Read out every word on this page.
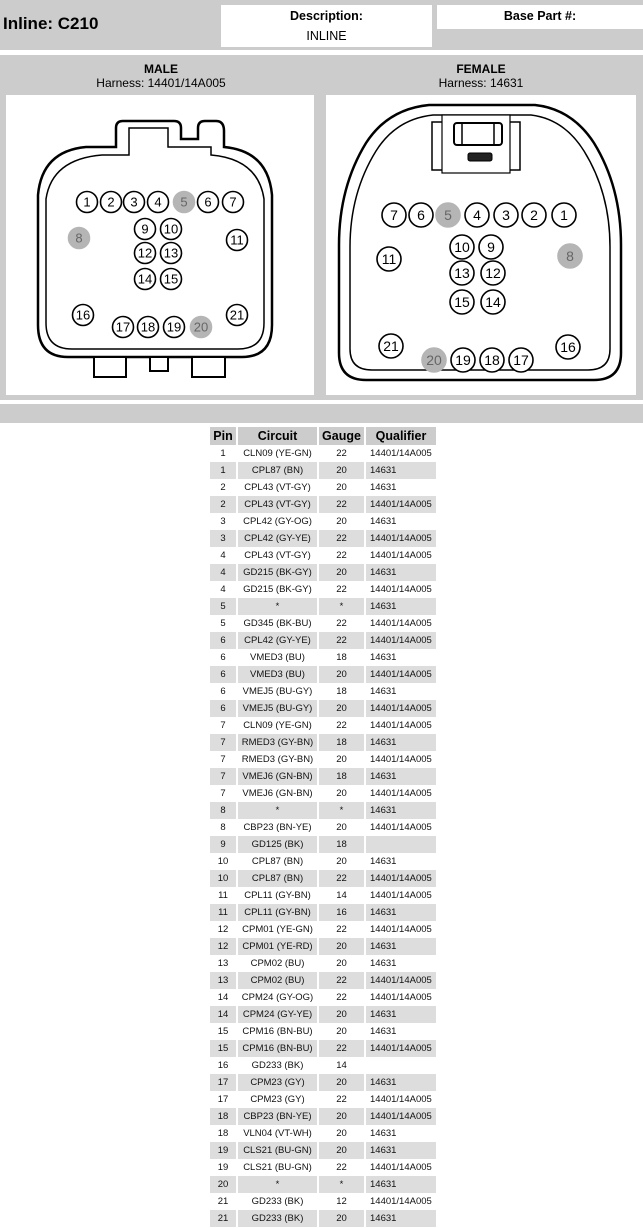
Inline: C210	Description:
INLINE
Base Part #:
MALE
Harness: 14401/14A005
FEMALE
Harness: 14631
1 2 3 4 5 6 7
8
9 10
11
12 13
14 15
16
17 18 19 20
21
1
2
3
4
5
6
7
8
9
10
11
12
13
14
15
16
17
18
19
20
21
Pin	Circuit	Gauge	Qualifier
1	CLN09 (YE-GN)	22	14401/14A005
1	CPL87 (BN)	20	14631
2	CPL43 (VT-GY)	20	14631
2	CPL43 (VT-GY)	22	14401/14A005
3	CPL42 (GY-OG)	20	14631
3	CPL42 (GY-YE)	22	14401/14A005
4	CPL43 (VT-GY)	22	14401/14A005
4	GD215 (BK-GY)	20	14631
4	GD215 (BK-GY)	22	14401/14A005
5	*	*	14631
5	GD345 (BK-BU)	22	14401/14A005
6	CPL42 (GY-YE)	22	14401/14A005
6	VMED3 (BU)	18	14631
6	VMED3 (BU)	20	14401/14A005
6	VMEJ5 (BU-GY)	18	14631
6	VMEJ5 (BU-GY)	20	14401/14A005
7	CLN09 (YE-GN)	22	14401/14A005
7	RMED3 (GY-BN)	18	14631
7	RMED3 (GY-BN)	20	14401/14A005
7	VMEJ6 (GN-BN)	18	14631
7	VMEJ6 (GN-BN)	20	14401/14A005
8	*	*	14631
8	CBP23 (BN-YE)	20	14401/14A005
9	GD125 (BK)	18	
10	CPL87 (BN)	20	14631
10	CPL87 (BN)	22	14401/14A005
11	CPL11 (GY-BN)	14	14401/14A005
11	CPL11 (GY-BN)	16	14631
12	CPM01 (YE-GN)	22	14401/14A005
12	CPM01 (YE-RD)	20	14631
13	CPM02 (BU)	20	14631
13	CPM02 (BU)	22	14401/14A005
14	CPM24 (GY-OG)	22	14401/14A005
14	CPM24 (GY-YE)	20	14631
15	CPM16 (BN-BU)	20	14631
15	CPM16 (BN-BU)	22	14401/14A005
16	GD233 (BK)	14	
17	CPM23 (GY)	20	14631
17	CPM23 (GY)	22	14401/14A005
18	CBP23 (BN-YE)	20	14401/14A005
18	VLN04 (VT-WH)	20	14631
19	CLS21 (BU-GN)	20	14631
19	CLS21 (BU-GN)	22	14401/14A005
20	*	*	14631
21	GD233 (BK)	12	14401/14A005
21	GD233 (BK)	20	14631
